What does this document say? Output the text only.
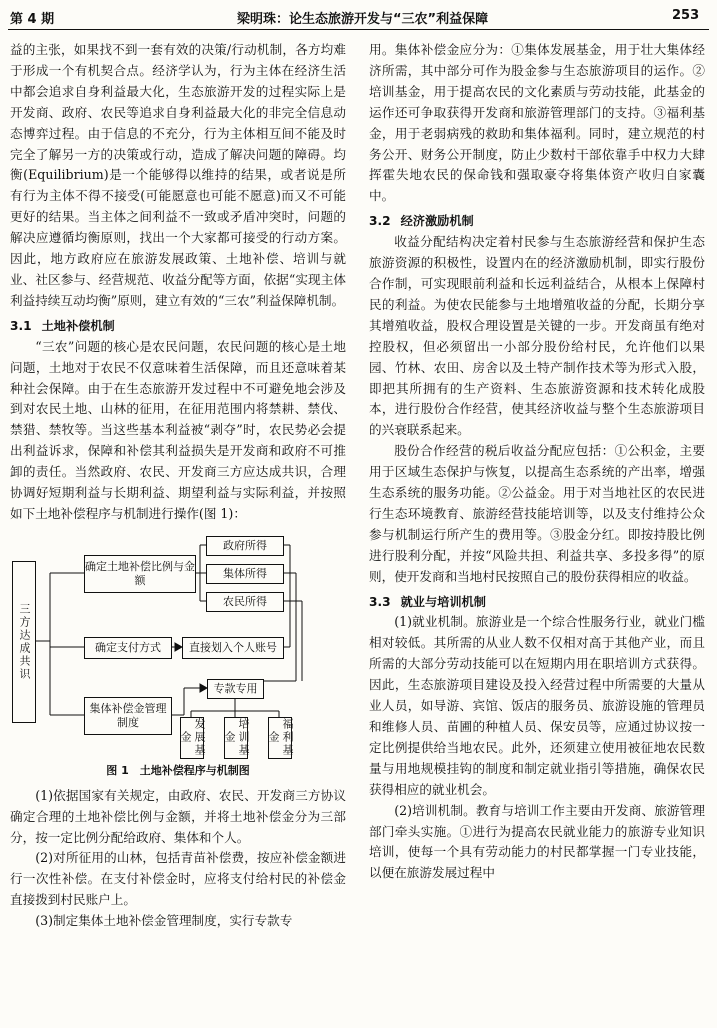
第 4 期	梁明珠：论生态旅游开发与“三农”利益保障	253

益的主张，如果找不到一套有效的决策/行动机制，各方均难于形成一个有机契合点。经济学认为，行为主体在经济生活中都会追求自身利益最大化，生态旅游开发的过程实际上是开发商、政府、农民等追求自身利益最大化的非完全信息动态博弈过程。由于信息的不充分，行为主体相互间不能及时完全了解另一方的决策或行动，造成了解决问题的障碍。均衡(Equilibrium)是一个能够得以维持的结果，或者说是所有行为主体不得不接受(可能愿意也可能不愿意)而又不可能更好的结果。当主体之间利益不一致或矛盾冲突时，问题的解决应遵循均衡原则，找出一个大家都可接受的行动方案。因此，地方政府应在旅游发展政策、土地补偿、培训与就业、社区参与、经营规范、收益分配等方面，依据“实现主体利益持续互动均衡”原则，建立有效的“三农”利益保障机制。

3.1 土地补偿机制

“三农”问题的核心是农民问题，农民问题的核心是土地问题，土地对于农民不仅意味着生活保障，而且还意味着某种社会保障。由于在生态旅游开发过程中不可避免地会涉及到对农民土地、山林的征用，在征用范围内将禁耕、禁伐、禁猎、禁牧等。当这些基本利益被“剥夺”时，农民势必会提出利益诉求，保障和补偿其利益损失是开发商和政府不可推卸的责任。当然政府、农民、开发商三方应达成共识，合理协调好短期利益与长期利益、期望利益与实际利益，并按照如下土地补偿程序与机制进行操作(图 1)：

三方达成共识
确定土地补偿比例与金额
政府所得
集体所得
农民所得
确定支付方式	直接划入个人账号
专款专用
集体补偿金管理制度	发展基金	培训基金	福利基金
图 1　土地补偿程序与机制图

(1)依据国家有关规定，由政府、农民、开发商三方协议确定合理的土地补偿比例与金额，并将土地补偿金分为三部分，按一定比例分配给政府、集体和个人。

(2)对所征用的山林，包括青苗补偿费，按应补偿金额进行一次性补偿。在支付补偿金时，应将支付给村民的补偿金直接拨到村民账户上。

(3)制定集体土地补偿金管理制度，实行专款专

用。集体补偿金应分为：①集体发展基金，用于壮大集体经济所需，其中部分可作为股金参与生态旅游项目的运作。②培训基金，用于提高农民的文化素质与劳动技能，此基金的运作还可争取获得开发商和旅游管理部门的支持。③福利基金，用于老弱病残的救助和集体福利。同时，建立规范的村务公开、财务公开制度，防止少数村干部依靠手中权力大肆挥霍失地农民的保命钱和强取豪夺将集体资产收归自家囊中。

3.2 经济激励机制

收益分配结构决定着村民参与生态旅游经营和保护生态旅游资源的积极性，设置内在的经济激励机制，即实行股份合作制，可实现眼前利益和长远利益结合，从根本上保障村民的利益。为使农民能参与土地增殖收益的分配，长期分享其增殖收益，股权合理设置是关键的一步。开发商虽有绝对控股权，但必须留出一小部分股份给村民，允许他们以果园、竹林、农田、房舍以及土特产制作技术等为形式入股，即把其所拥有的生产资料、生态旅游资源和技术转化成股本，进行股份合作经营，使其经济收益与整个生态旅游项目的兴衰联系起来。

股份合作经营的税后收益分配应包括：①公积金，主要用于区域生态保护与恢复，以提高生态系统的产出率，增强生态系统的服务功能。②公益金。用于对当地社区的农民进行生态环境教育、旅游经营技能培训等，以及支付维持公众参与机制运行所产生的费用等。③股金分红。即按持股比例进行股利分配，并按“风险共担、利益共享、多投多得”的原则，使开发商和当地村民按照自己的股份获得相应的收益。

3.3 就业与培训机制

(1)就业机制。旅游业是一个综合性服务行业，就业门槛相对较低。其所需的从业人数不仅相对高于其他产业，而且所需的大部分劳动技能可以在短期内用在职培训方式获得。因此，生态旅游项目建设及投入经营过程中所需要的大量从业人员，如导游、宾馆、饭店的服务员、旅游设施的管理员和维修人员、苗圃的种植人员、保安员等，应通过协议按一定比例提供给当地农民。此外，还须建立使用被征地农民数量与用地规模挂钩的制度和制定就业指引等措施，确保农民获得相应的就业机会。

(2)培训机制。教育与培训工作主要由开发商、旅游管理部门牵头实施。①进行为提高农民就业能力的旅游专业知识培训，使每一个具有劳动能力的村民都掌握一门专业技能，以便在旅游发展过程中
